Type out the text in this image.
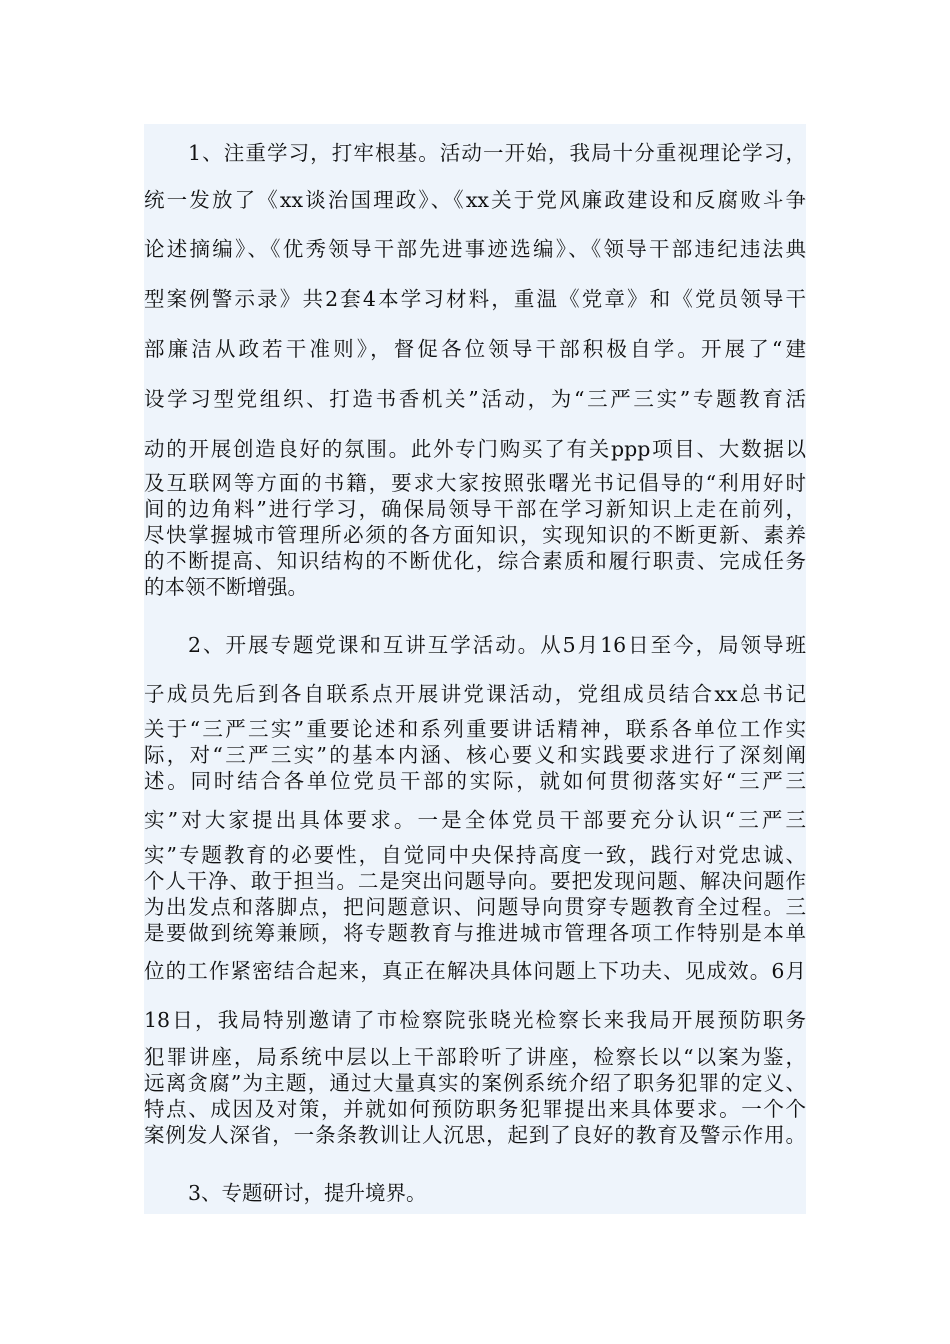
1、注重学习，打牢根基。活动一开始，我局十分重视理论学习，
统一发放了《xx谈治国理政》、《xx关于党风廉政建设和反腐败斗争
论述摘编》、《优秀领导干部先进事迹选编》、《领导干部违纪违法典
型案例警示录》共2套4本学习材料，重温《党章》和《党员领导干
部廉洁从政若干准则》，督促各位领导干部积极自学。开展了“建
设学习型党组织、打造书香机关”活动，为“三严三实”专题教育活
动的开展创造良好的氛围。此外专门购买了有关ppp项目、大数据以
及互联网等方面的书籍，要求大家按照张曙光书记倡导的“利用好时
间的边角料”进行学习，确保局领导干部在学习新知识上走在前列，
尽快掌握城市管理所必须的各方面知识，实现知识的不断更新、素养
的不断提高、知识结构的不断优化，综合素质和履行职责、完成任务
的本领不断增强。
2、开展专题党课和互讲互学活动。从5月16日至今，局领导班
子成员先后到各自联系点开展讲党课活动，党组成员结合xx总书记
关于“三严三实”重要论述和系列重要讲话精神，联系各单位工作实
际，对“三严三实”的基本内涵、核心要义和实践要求进行了深刻阐
述。同时结合各单位党员干部的实际，就如何贯彻落实好“三严三
实”对大家提出具体要求。一是全体党员干部要充分认识“三严三
实”专题教育的必要性，自觉同中央保持高度一致，践行对党忠诚、
个人干净、敢于担当。二是突出问题导向。要把发现问题、解决问题作
为出发点和落脚点，把问题意识、问题导向贯穿专题教育全过程。三
是要做到统筹兼顾，将专题教育与推进城市管理各项工作特别是本单
位的工作紧密结合起来，真正在解决具体问题上下功夫、见成效。6月
18日，我局特别邀请了市检察院张晓光检察长来我局开展预防职务
犯罪讲座，局系统中层以上干部聆听了讲座，检察长以“以案为鉴，
远离贪腐”为主题，通过大量真实的案例系统介绍了职务犯罪的定义、
特点、成因及对策，并就如何预防职务犯罪提出来具体要求。一个个
案例发人深省，一条条教训让人沉思，起到了良好的教育及警示作用。
3、专题研讨，提升境界。
